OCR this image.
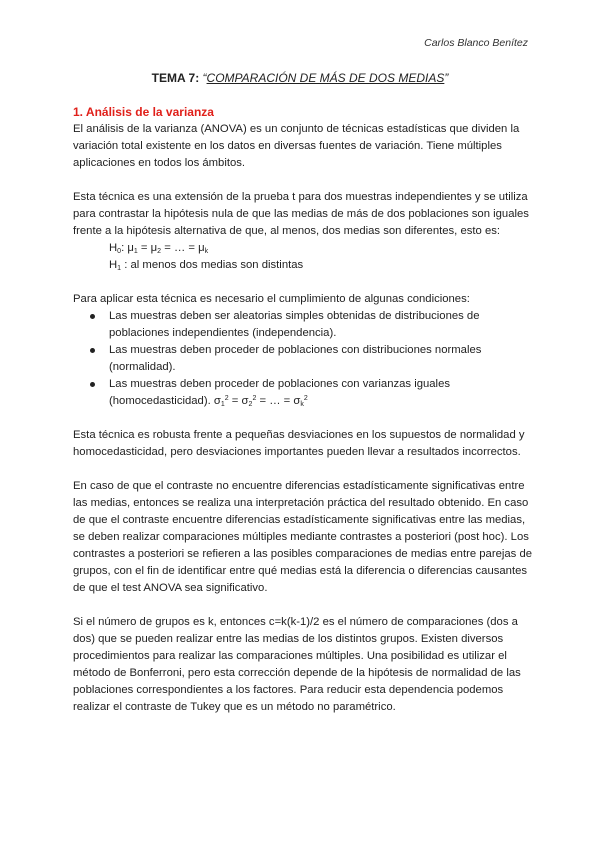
Carlos Blanco Benítez
TEMA 7: “COMPARACIÓN DE MÁS DE DOS MEDIAS”
1. Análisis de la varianza

El análisis de la varianza (ANOVA) es un conjunto de técnicas estadísticas que dividen la variación total existente en los datos en diversas fuentes de variación. Tiene múltiples aplicaciones en todos los ámbitos.

Esta técnica es una extensión de la prueba t para dos muestras independientes y se utiliza para contrastar la hipótesis nula de que las medias de más de dos poblaciones son iguales frente a la hipótesis alternativa de que, al menos, dos medias son diferentes, esto es:

$H_0$: $\mu_1 = \mu_2$ = … = $\mu_k$
$H_1$ : al menos dos medias son distintas

Para aplicar esta técnica es necesario el cumplimiento de algunas condiciones:

Las muestras deben ser aleatorias simples obtenidas de distribuciones de poblaciones independientes (independencia).
Las muestras deben proceder de poblaciones con distribuciones normales (normalidad).
Las muestras deben proceder de poblaciones con varianzas iguales (homocedasticidad). $\sigma_1^2 = \sigma_2^2$ = … = $\sigma_k^2$

Esta técnica es robusta frente a pequeñas desviaciones en los supuestos de normalidad y homocedasticidad, pero desviaciones importantes pueden llevar a resultados incorrectos.

En caso de que el contraste no encuentre diferencias estadísticamente significativas entre las medias, entonces se realiza una interpretación práctica del resultado obtenido. En caso de que el contraste encuentre diferencias estadísticamente significativas entre las medias, se deben realizar comparaciones múltiples mediante contrastes a posteriori (post hoc). Los contrastes a posteriori se refieren a las posibles comparaciones de medias entre parejas de grupos, con el fin de identificar entre qué medias está la diferencia o diferencias causantes de que el test ANOVA sea significativo.

Si el número de grupos es k, entonces c=k(k-1)/2 es el número de comparaciones (dos a dos) que se pueden realizar entre las medias de los distintos grupos. Existen diversos procedimientos para realizar las comparaciones múltiples. Una posibilidad es utilizar el método de Bonferroni, pero esta corrección depende de la hipótesis de normalidad de las poblaciones correspondientes a los factores. Para reducir esta dependencia podemos realizar el contraste de Tukey que es un método no paramétrico.
